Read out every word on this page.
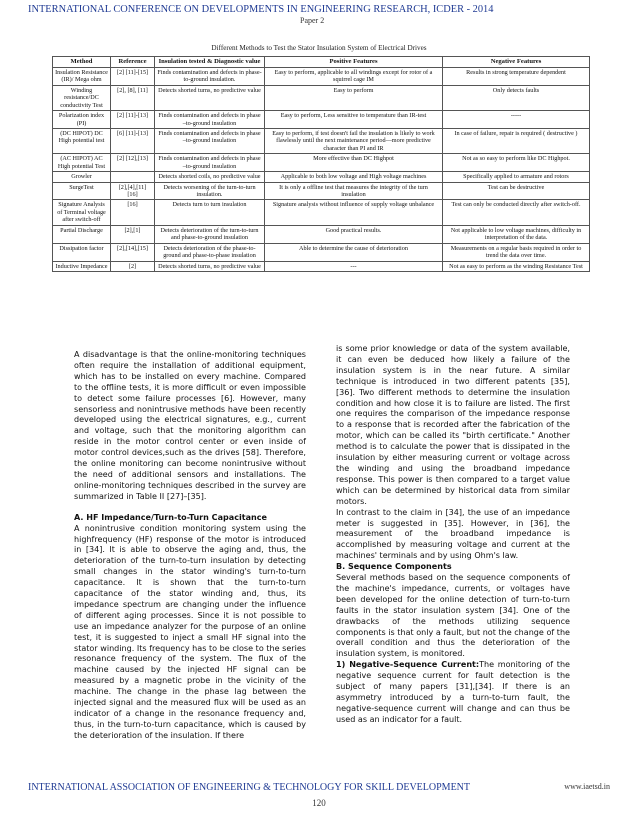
INTERNATIONAL CONFERENCE ON DEVELOPMENTS IN ENGINEERING RESEARCH, ICDER - 2014
Paper 2
Different Methods to Test the Stator Insulation System of Electrical Drives
Method	Reference	Insulation tested & Diagnostic value	Positive Features	Negative Features
Insulation Resistance (IR)/ Mega ohm	[2] [11]-[15]	Finds contamination and defects in phase-to-ground insulation.	Easy to perform, applicable to all windings except for rotor of a squirrel cage IM	Results in strong temperature dependent
Winding resistance/DC conductivity Test	[2], [8], [11]	Detects shorted turns, no predictive value	Easy to perform	Only detects faults
Polarization index (PI)	[2] [11]-[13]	Finds contamination and defects in phase –to-ground insulation	Easy to perform, Less sensitive to temperature than IR-test	-----
(DC HIPOT) DC High potential test	[6] [11]-[13]	Finds contamination and defects in phase –to-ground insulation	Easy to perform, if test doesn't fail the insulation is likely to work flawlessly until the next maintenance period—more predictive character than PI and IR	In case of failure, repair is required ( destructive )
(AC HIPOT) AC High potential Test	[2] [12],[13]	Finds contamination and defects in phase –to-ground insulation	More effective than DC Highpot	Not as so easy to perform like DC Highpot.
Growler		Detects shorted coils, no predictive value	Applicable to both low voltage and High voltage machines	Specifically applied to armature and rotors
SurgeTest	[2],[4],[11] [16]	Detects worsening of the turn-to-turn insulation.	It is only a offline test that measures the integrity of the turn insulation	Test can be destructive
Signature Analysis of Terminal voltage after switch-off	[16]	Detects turn to turn insulation	Signature analysis without influence of supply voltage unbalance	Test can only be conducted directly after switch-off.
Partial Discharge	[2],[1]	Detects deterioration of the turn-to-turn and phase-to-ground insulation	Good practical results.	Not applicable to low voltage machines, difficulty in interpretation of the data.
Dissipation factor	[2],[14],[15]	Detects deterioration of the phase-to-ground and phase-to-phase insulation	Able to determine the cause of deterioration	Measurements on a regular basis required in order to trend the data over time.
Inductive Impedance	[2]	Detects shorted turns, no predictive value	---	Not as easy to perform as the winding Resistance Test

A disadvantage is that the online-monitoring techniques often require the installation of additional equipment, which has to be installed on every machine. Compared to the offline tests, it is more difficult or even impossible to detect some failure processes [6]. However, many sensorless and nonintrusive methods have been recently developed using the electrical signatures, e.g., current and voltage, such that the monitoring algorithm can reside in the motor control center or even inside of motor control devices,such as the drives [58]. Therefore, the online monitoring can become nonintrusive without the need of additional sensors and installations. The online-monitoring techniques described in the survey are summarized in Table II [27]–[35].

A. HF Impedance/Turn-to-Turn Capacitance

A nonintrusive condition monitoring system using the highfrequency (HF) response of the motor is introduced in [34]. It is able to observe the aging and, thus, the deterioration of the turn-to-turn insulation by detecting small changes in the stator winding's turn-to-turn capacitance. It is shown that the turn-to-turn capacitance of the stator winding and, thus, its impedance spectrum are changing under the influence of different aging processes. Since it is not possible to use an impedance analyzer for the purpose of an online test, it is suggested to inject a small HF signal into the stator winding. Its frequency has to be close to the series resonance frequency of the system. The flux of the machine caused by the injected HF signal can be measured by a magnetic probe in the vicinity of the machine. The change in the phase lag between the injected signal and the measured flux will be used as an indicator of a change in the resonance frequency and, thus, in the turn-to-turn capacitance, which is caused by the deterioration of the insulation. If there

is some prior knowledge or data of the system available, it can even be deduced how likely a failure of the insulation system is in the near future. A similar technique is introduced in two different patents [35], [36]. Two different methods to determine the insulation condition and how close it is to failure are listed. The first one requires the comparison of the impedance response to a response that is recorded after the fabrication of the motor, which can be called its "birth certificate." Another method is to calculate the power that is dissipated in the insulation by either measuring current or voltage across the winding and using the broadband impedance response. This power is then compared to a target value which can be determined by historical data from similar motors.

In contrast to the claim in [34], the use of an impedance meter is suggested in [35]. However, in [36], the measurement of the broadband impedance is accomplished by measuring voltage and current at the machines' terminals and by using Ohm's law.

B. Sequence Components

Several methods based on the sequence components of the machine's impedance, currents, or voltages have been developed for the online detection of turn-to-turn faults in the stator insulation system [34]. One of the drawbacks of the methods utilizing sequence components is that only a fault, but not the change of the overall condition and thus the deterioration of the insulation system, is monitored.

1) Negative-Sequence Current:The monitoring of the negative sequence current for fault detection is the subject of many papers [31],[34]. If there is an asymmetry introduced by a turn-to-turn fault, the negative-sequence current will change and can thus be used as an indicator for a fault.

INTERNATIONAL ASSOCIATION OF ENGINEERING & TECHNOLOGY FOR SKILL DEVELOPMENT	www.iaetsd.in
120
